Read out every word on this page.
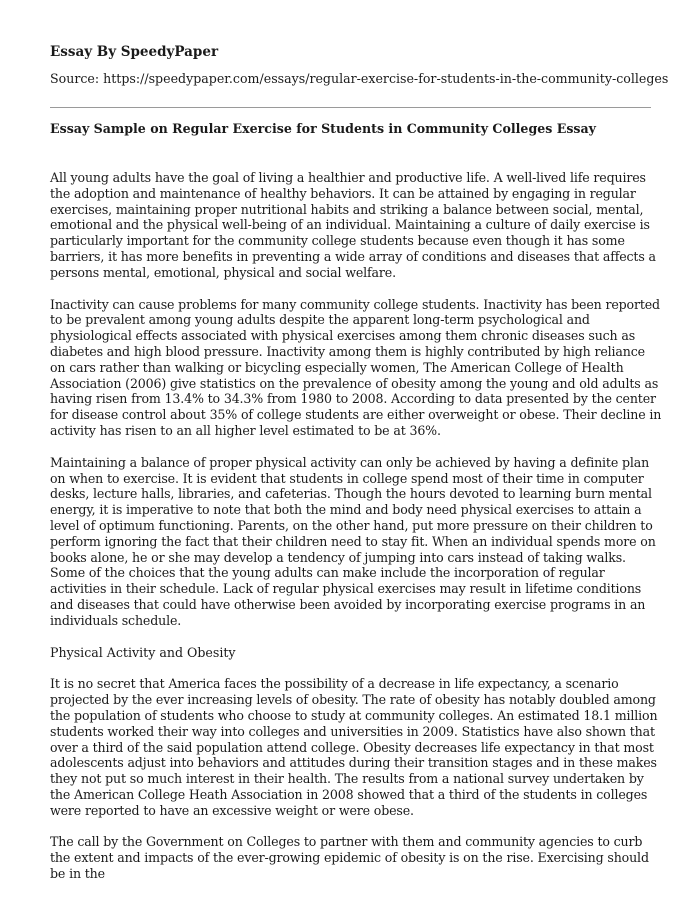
Essay By SpeedyPaper
Source: https://speedypaper.com/essays/regular-exercise-for-students-in-the-community-colleges
Essay Sample on Regular Exercise for Students in Community Colleges Essay

All young adults have the goal of living a healthier and productive life. A well-lived life requires the adoption and maintenance of healthy behaviors. It can be attained by engaging in regular exercises, maintaining proper nutritional habits and striking a balance between social, mental, emotional and the physical well-being of an individual. Maintaining a culture of daily exercise is particularly important for the community college students because even though it has some barriers, it has more benefits in preventing a wide array of conditions and diseases that affects a persons mental, emotional, physical and social welfare.

Inactivity can cause problems for many community college students. Inactivity has been reported to be prevalent among young adults despite the apparent long-term psychological and physiological effects associated with physical exercises among them chronic diseases such as diabetes and high blood pressure. Inactivity among them is highly contributed by high reliance on cars rather than walking or bicycling especially women, The American College of Health Association (2006) give statistics on the prevalence of obesity among the young and old adults as having risen from 13.4% to 34.3% from 1980 to 2008. According to data presented by the center for disease control about 35% of college students are either overweight or obese. Their decline in activity has risen to an all higher level estimated to be at 36%.

Maintaining a balance of proper physical activity can only be achieved by having a definite plan on when to exercise. It is evident that students in college spend most of their time in computer desks, lecture halls, libraries, and cafeterias. Though the hours devoted to learning burn mental energy, it is imperative to note that both the mind and body need physical exercises to attain a level of optimum functioning. Parents, on the other hand, put more pressure on their children to perform ignoring the fact that their children need to stay fit. When an individual spends more on books alone, he or she may develop a tendency of jumping into cars instead of taking walks. Some of the choices that the young adults can make include the incorporation of regular activities in their schedule. Lack of regular physical exercises may result in lifetime conditions and diseases that could have otherwise been avoided by incorporating exercise programs in an individuals schedule.

Physical Activity and Obesity

It is no secret that America faces the possibility of a decrease in life expectancy, a scenario projected by the ever increasing levels of obesity. The rate of obesity has notably doubled among the population of students who choose to study at community colleges. An estimated 18.1 million students worked their way into colleges and universities in 2009. Statistics have also shown that over a third of the said population attend college. Obesity decreases life expectancy in that most adolescents adjust into behaviors and attitudes during their transition stages and in these makes they not put so much interest in their health. The results from a national survey undertaken by the American College Heath Association in 2008 showed that a third of the students in colleges were reported to have an excessive weight or were obese.

The call by the Government on Colleges to partner with them and community agencies to curb the extent and impacts of the ever-growing epidemic of obesity is on the rise. Exercising should be in the
